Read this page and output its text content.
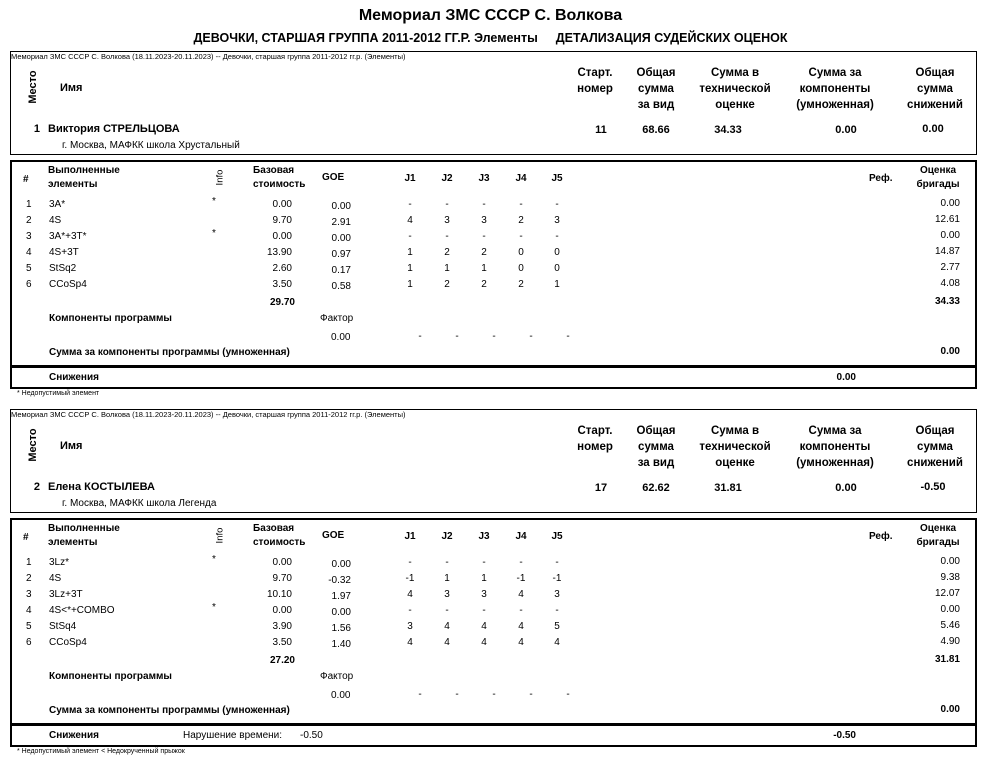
Мемориал ЗМС СССР С. Волкова
ДЕВОЧКИ, СТАРШАЯ ГРУППА 2011-2012 ГГ.Р. Элементы ДЕТАЛИЗАЦИЯ СУДЕЙСКИХ ОЦЕНОК
Мемориал ЗМС СССР С. Волкова (18.11.2023-20.11.2023) -- Девочки, старшая группа 2011-2012 гг.р. (Элементы)
Место Имя
Старт.
номер
Общая
сумма
за вид
Сумма в
технической
оценке
Сумма за
компоненты
(умноженная)
Общая
сумма
снижений
1 Виктория СТРЕЛЬЦОВА
г. Москва, МАФКК школа Хрустальный
11	68.66	34.33	0.00	0.00
#
Выполненные
элементы	Info	Базовая
стоимость
GOE	J1	J2	J3	J4	J5	Реф.
Оценка
бригады
1 3A*	*	0.00	0.00	-	-	-	-	-	0.00
2 4S	9.70	2.91	4	3	3	2	3	12.61
3 3A*+3T*	*	0.00	0.00	-	-	-	-	-	0.00
4 4S+3T	13.90	0.97	1	2	2	0	0	14.87
5 StSq2	2.60	0.17	1	1	1	0	0	2.77
6 CCoSp4	3.50	0.58	1	2	2	2	1	4.08
29.70	34.33
Компоненты программы	Фактор
0.00	-	-	-	-	-
Сумма за компоненты программы (умноженная)	0.00
Снижения	0.00
* Недопустимый элемент
Мемориал ЗМС СССР С. Волкова (18.11.2023-20.11.2023) -- Девочки, старшая группа 2011-2012 гг.р. (Элементы)
Место Имя
Старт.
номер
Общая
сумма
за вид
Сумма в
технической
оценке
Сумма за
компоненты
(умноженная)
Общая
сумма
снижений
2 Елена КОСТЫЛЕВА
г. Москва, МАФКК школа Легенда
17	62.62	31.81	0.00	-0.50
#
Выполненные
элементы	Info	Базовая
стоимость
GOE	J1	J2	J3	J4	J5	Реф.
Оценка
бригады
1 3Lz*	*	0.00	0.00	-	-	-	-	-	0.00
2 4S	9.70	-0.32	-1	1	1	-1	-1	9.38
3 3Lz+3T	10.10	1.97	4	3	3	4	3	12.07
4 4S<*+COMBO	*	0.00	0.00	-	-	-	-	-	0.00
5 StSq4	3.90	1.56	3	4	4	4	5	5.46
6 CCoSp4	3.50	1.40	4	4	4	4	4	4.90
27.20	31.81
Компоненты программы	Фактор
0.00	-	-	-	-	-
Сумма за компоненты программы (умноженная)	0.00
Снижения	Нарушение времени: -0.50	-0.50
* Недопустимый элемент < Недокрученный прыжок
